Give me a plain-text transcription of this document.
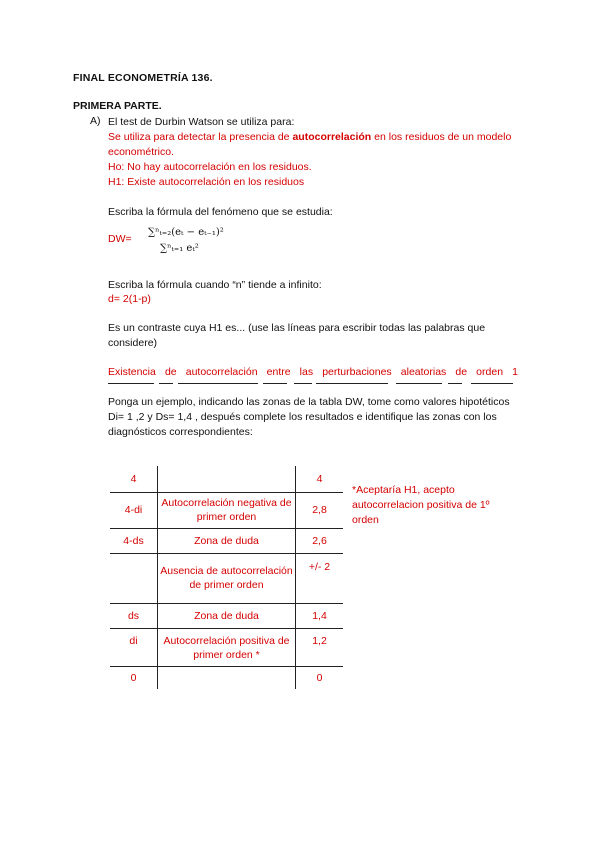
FINAL ECONOMETRÍA 136.
PRIMERA PARTE.
A) El test de Durbin Watson se utiliza para:
Se utiliza para detectar la presencia de autocorrelación en los residuos de un modelo econométrico.
Ho: No hay autocorrelación en los residuos.
H1: Existe autocorrelación en los residuos
Escriba la fórmula del fenómeno que se estudia:
DW=
∑ⁿₜ₌₂(eₜ − eₜ₋₁)²
∑ⁿₜ₌₁ eₜ²
Escriba la fórmula cuando “n” tiende a infinito:
d= 2(1-p)
Es un contraste cuya H1 es... (use las líneas para escribir todas las palabras que considere)
Existencia de autocorrelación entre las perturbaciones aleatorias de orden 1
Ponga un ejemplo, indicando las zonas de la tabla DW, tome como valores hipotéticos Di= 1 ,2 y Ds= 1,4 , después complete los resultados e identifique las zonas con los diagnósticos correspondientes:
4		4
4-di	Autocorrelación negativa de primer orden	2,8
4-ds	Zona de duda	2,6
	Ausencia de autocorrelación de primer orden	+/- 2
ds	Zona de duda	1,4
di	Autocorrelación positiva de primer orden *	1,2
0		0
*Aceptaría H1, acepto autocorrelacion positiva de 1º orden
